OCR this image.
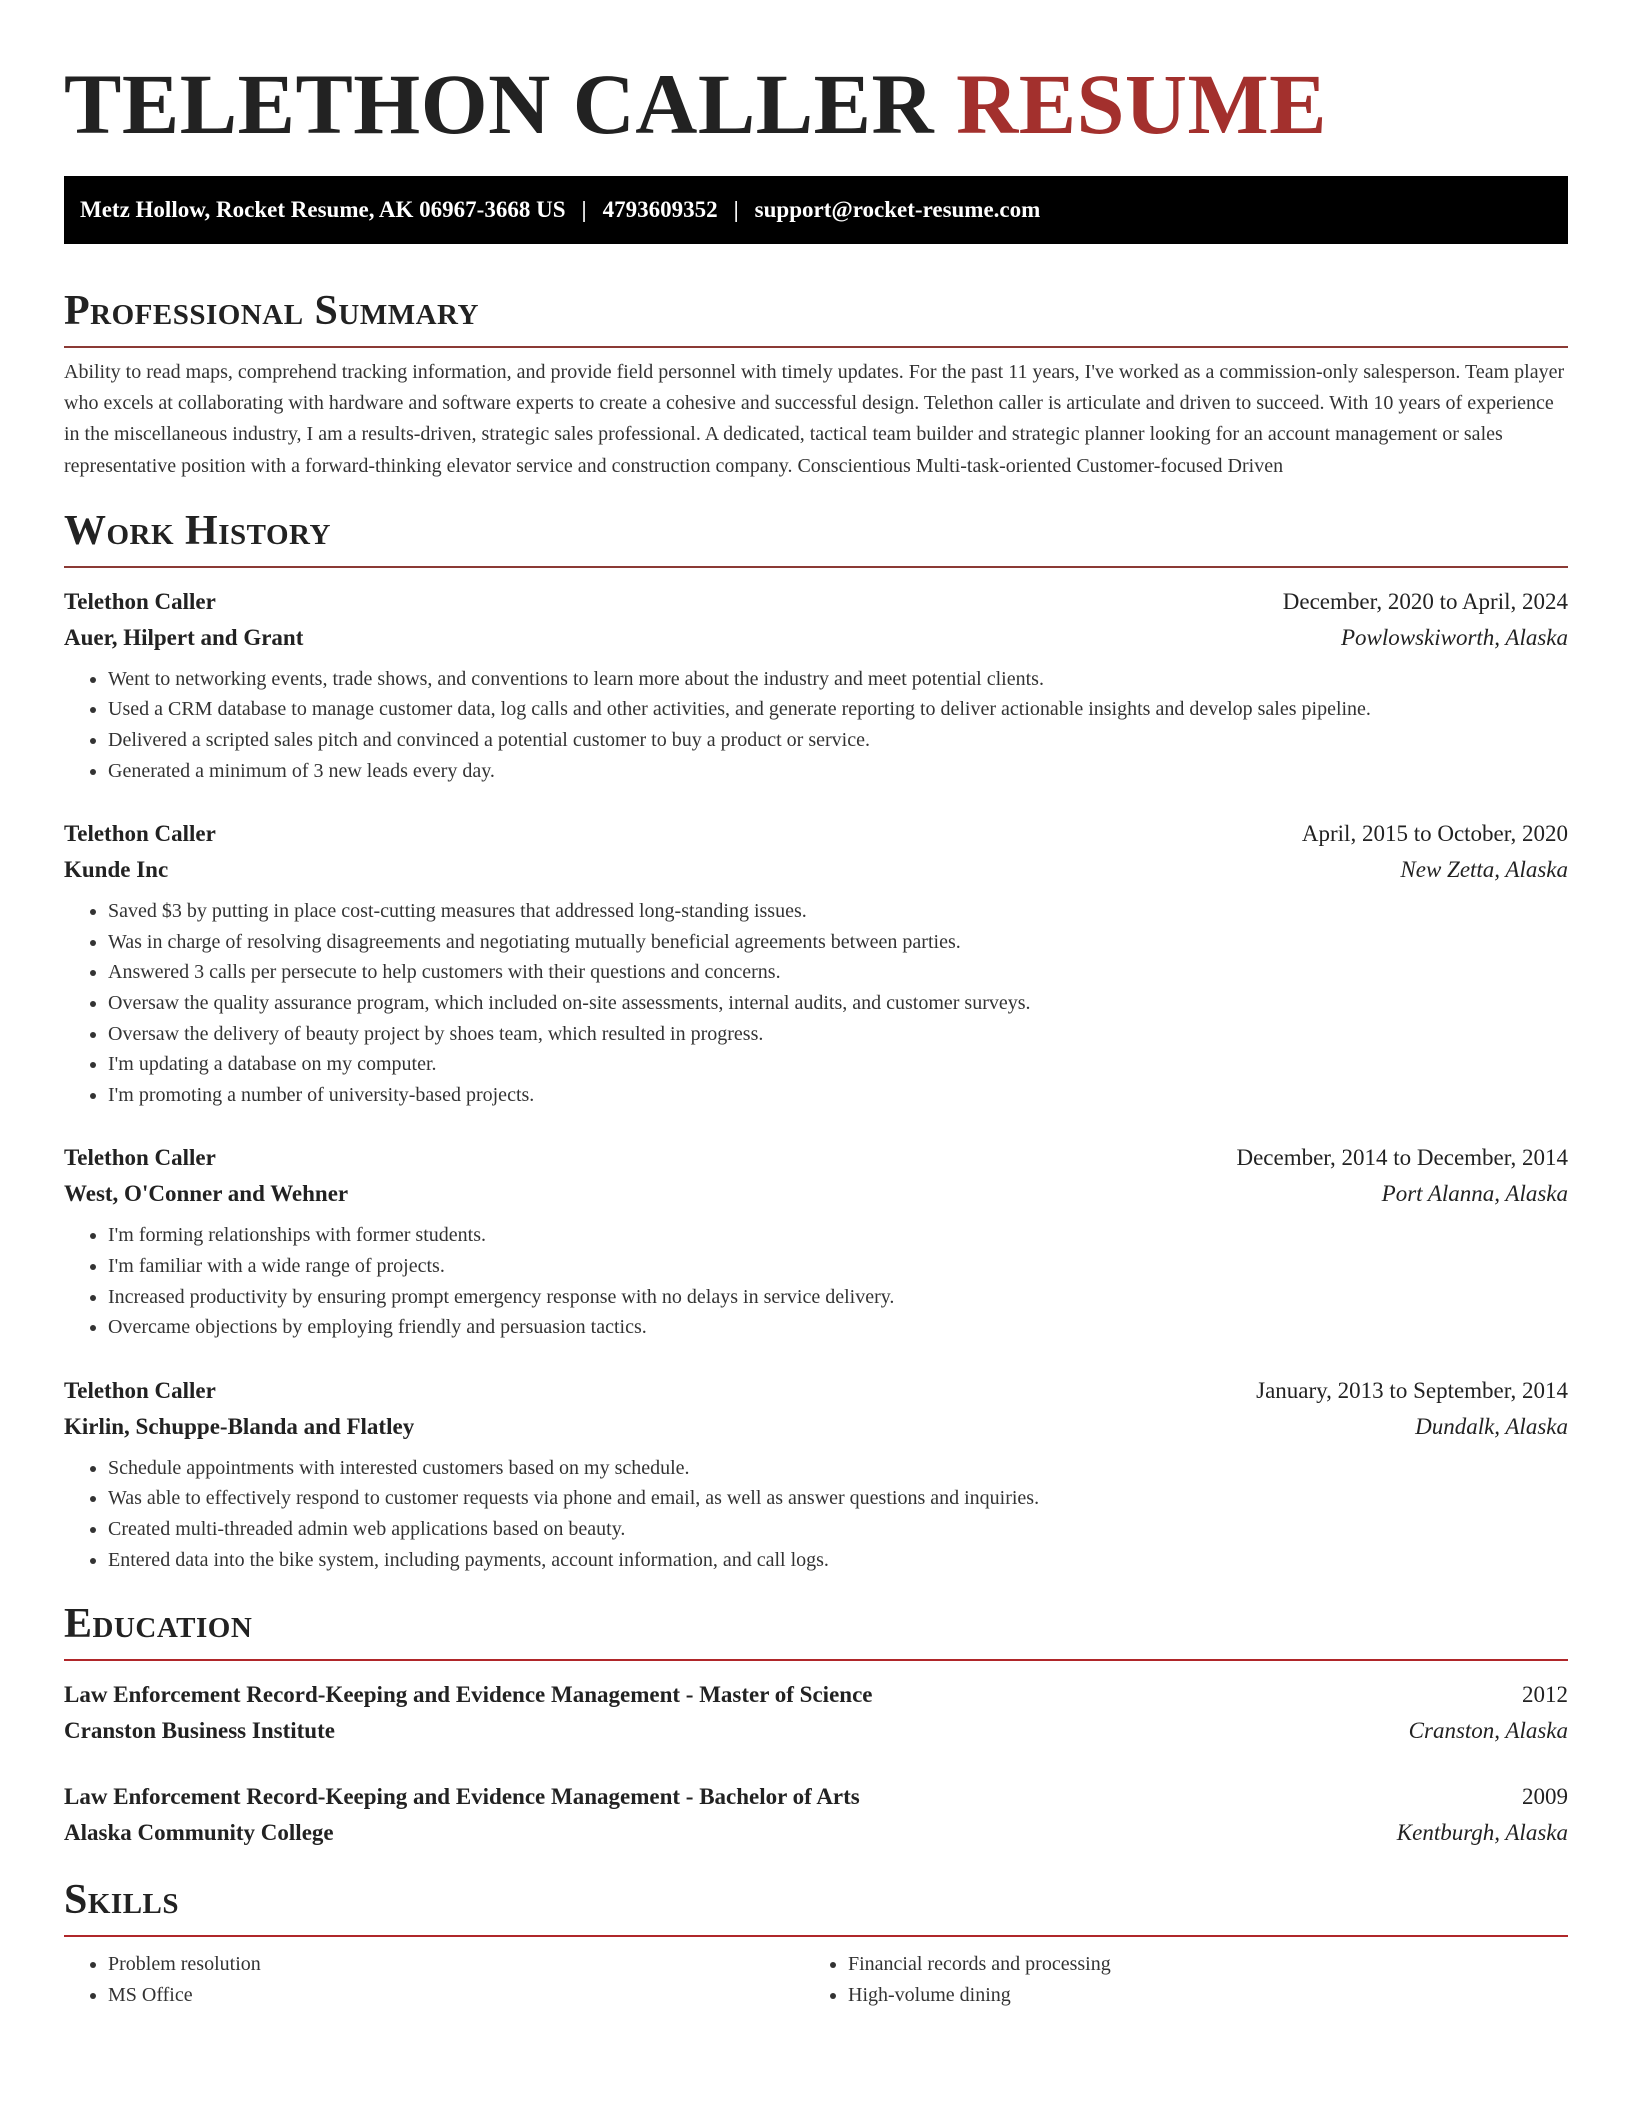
TELETHON CALLER RESUME
Metz Hollow, Rocket Resume, AK 06967-3668 US | 4793609352 | support@rocket-resume.com
Professional Summary

Ability to read maps, comprehend tracking information, and provide field personnel with timely updates. For the past 11 years, I've worked as a commission-only salesperson. Team player who excels at collaborating with hardware and software experts to create a cohesive and successful design. Telethon caller is articulate and driven to succeed. With 10 years of experience in the miscellaneous industry, I am a results-driven, strategic sales professional. A dedicated, tactical team builder and strategic planner looking for an account management or sales representative position with a forward-thinking elevator service and construction company. Conscientious Multi-task-oriented Customer-focused Driven

Work History
Telethon Caller	December, 2020 to April, 2024
Auer, Hilpert and Grant	Powlowskiworth, Alaska
• Went to networking events, trade shows, and conventions to learn more about the industry and meet potential clients.
• Used a CRM database to manage customer data, log calls and other activities, and generate reporting to deliver actionable insights and develop sales pipeline.
• Delivered a scripted sales pitch and convinced a potential customer to buy a product or service.
• Generated a minimum of 3 new leads every day.
Telethon Caller	April, 2015 to October, 2020
Kunde Inc	New Zetta, Alaska
• Saved $3 by putting in place cost-cutting measures that addressed long-standing issues.
• Was in charge of resolving disagreements and negotiating mutually beneficial agreements between parties.
• Answered 3 calls per persecute to help customers with their questions and concerns.
• Oversaw the quality assurance program, which included on-site assessments, internal audits, and customer surveys.
• Oversaw the delivery of beauty project by shoes team, which resulted in progress.
• I'm updating a database on my computer.
• I'm promoting a number of university-based projects.
Telethon Caller	December, 2014 to December, 2014
West, O'Conner and Wehner	Port Alanna, Alaska
• I'm forming relationships with former students.
• I'm familiar with a wide range of projects.
• Increased productivity by ensuring prompt emergency response with no delays in service delivery.
• Overcame objections by employing friendly and persuasion tactics.
Telethon Caller	January, 2013 to September, 2014
Kirlin, Schuppe-Blanda and Flatley	Dundalk, Alaska
• Schedule appointments with interested customers based on my schedule.
• Was able to effectively respond to customer requests via phone and email, as well as answer questions and inquiries.
• Created multi-threaded admin web applications based on beauty.
• Entered data into the bike system, including payments, account information, and call logs.
Education
Law Enforcement Record-Keeping and Evidence Management - Master of Science	2012
Cranston Business Institute	Cranston, Alaska
Law Enforcement Record-Keeping and Evidence Management - Bachelor of Arts	2009
Alaska Community College	Kentburgh, Alaska
Skills
• Problem resolution
• MS Office
• Financial records and processing
• High-volume dining
